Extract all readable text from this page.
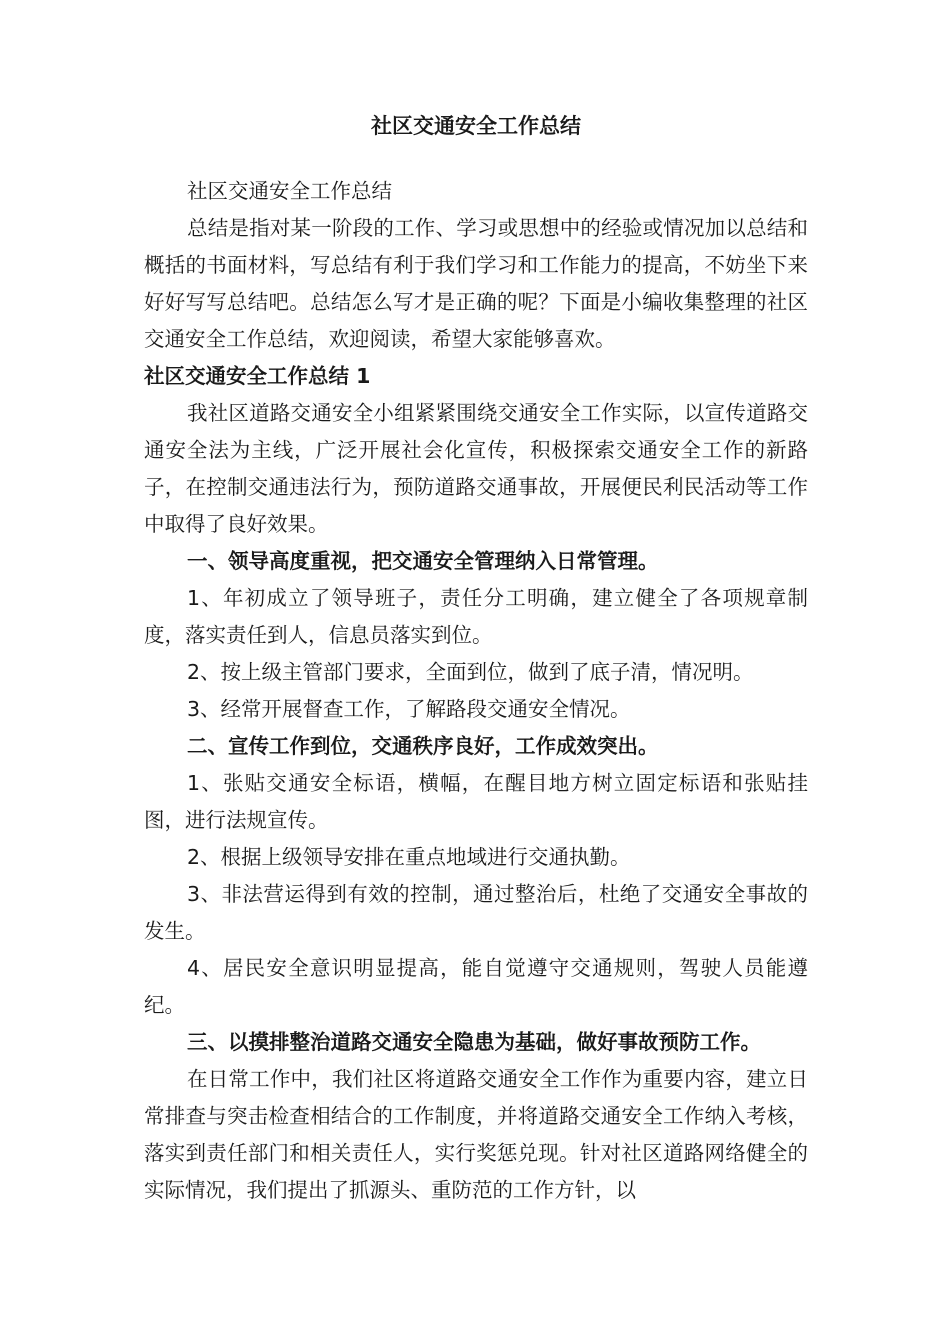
社区交通安全工作总结

社区交通安全工作总结

总结是指对某一阶段的工作、学习或思想中的经验或情况加以总结和概括的书面材料，写总结有利于我们学习和工作能力的提高，不妨坐下来好好写写总结吧。总结怎么写才是正确的呢？下面是小编收集整理的社区交通安全工作总结，欢迎阅读，希望大家能够喜欢。

社区交通安全工作总结 1

我社区道路交通安全小组紧紧围绕交通安全工作实际，以宣传道路交通安全法为主线，广泛开展社会化宣传，积极探索交通安全工作的新路子，在控制交通违法行为，预防道路交通事故，开展便民利民活动等工作中取得了良好效果。

一、领导高度重视，把交通安全管理纳入日常管理。

1、年初成立了领导班子，责任分工明确，建立健全了各项规章制度，落实责任到人，信息员落实到位。

2、按上级主管部门要求，全面到位，做到了底子清，情况明。

3、经常开展督查工作，了解路段交通安全情况。

二、宣传工作到位，交通秩序良好，工作成效突出。

1、张贴交通安全标语，横幅，在醒目地方树立固定标语和张贴挂图，进行法规宣传。

2、根据上级领导安排在重点地域进行交通执勤。

3、非法营运得到有效的控制，通过整治后，杜绝了交通安全事故的发生。

4、居民安全意识明显提高，能自觉遵守交通规则，驾驶人员能遵纪。

三、以摸排整治道路交通安全隐患为基础，做好事故预防工作。

在日常工作中，我们社区将道路交通安全工作作为重要内容，建立日常排查与突击检查相结合的工作制度，并将道路交通安全工作纳入考核，落实到责任部门和相关责任人，实行奖惩兑现。针对社区道路网络健全的实际情况，我们提出了抓源头、重防范的工作方针，以
